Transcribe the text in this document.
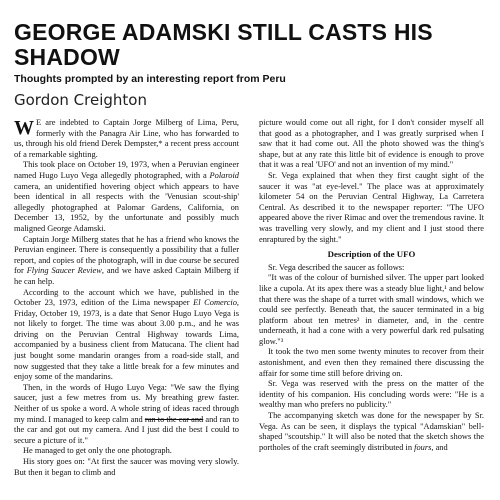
GEORGE ADAMSKI STILL CASTS HIS SHADOW
Thoughts prompted by an interesting report from Peru
Gordon Creighton

W E are indebted to Captain Jorge Milberg of Lima, Peru, formerly with the Panagra Air Line, who has forwarded to us, through his old friend Derek Dempster,* a recent press account of a remarkable sighting.

This took place on October 19, 1973, when a Peruvian engineer named Hugo Luyo Vega allegedly photographed, with a Polaroid camera, an unidentified hovering object which appears to have been identical in all respects with the 'Venusian scout-ship' allegedly photographed at Palomar Gardens, California, on December 13, 1952, by the unfortunate and possibly much maligned George Adamski.

Captain Jorge Milberg states that he has a friend who knows the Peruvian engineer. There is consequently a possibility that a fuller report, and copies of the photograph, will in due course be secured for Flying Saucer Review, and we have asked Captain Milberg if he can help.

According to the account which we have, published in the October 23, 1973, edition of the Lima newspaper El Comercio, Friday, October 19, 1973, is a date that Senor Hugo Luyo Vega is not likely to forget. The time was about 3.00 p.m., and he was driving on the Peruvian Central Highway towards Lima, accompanied by a business client from Matucana. The client had just bought some mandarin oranges from a road-side stall, and now suggested that they take a little break for a few minutes and enjoy some of the mandarins.

Then, in the words of Hugo Luyo Vega: "We saw the flying saucer, just a few metres from us. My breathing grew faster. Neither of us spoke a word. A whole string of ideas raced through my mind. I managed to keep calm and ran to the car and and ran to the car and got out my camera. And I just did the best I could to secure a picture of it."

He managed to get only the one photograph.

His story goes on: "At first the saucer was moving very slowly. But then it began to climb and

picture would come out all right, for I don't consider myself all that good as a photographer, and I was greatly surprised when I saw that it had come out. All the photo showed was the thing's shape, but at any rate this little bit of evidence is enough to prove that it was a real 'UFO' and not an invention of my mind."

Sr. Vega explained that when they first caught sight of the saucer it was "at eye-level." The place was at approximately kilometer 54 on the Peruvian Central Highway, La Carretera Central. As described it to the newspaper reporter: "The UFO appeared above the river Rimac and over the tremendous ravine. It was travelling very slowly, and my client and I just stood there enraptured by the sight."

Description of the UFO

Sr. Vega described the saucer as follows:

"It was of the colour of burnished silver. The upper part looked like a cupola. At its apex there was a steady blue light,¹ and below that there was the shape of a turret with small windows, which we could see perfectly. Beneath that, the saucer terminated in a big platform about ten metres² in diameter, and, in the centre underneath, it had a cone with a very powerful dark red pulsating glow."³

It took the two men some twenty minutes to recover from their astonishment, and even then they remained there discussing the affair for some time still before driving on.

Sr. Vega was reserved with the press on the matter of the identity of his companion. His concluding words were: "He is a wealthy man who prefers no publicity."

The accompanying sketch was done for the newspaper by Sr. Vega. As can be seen, it displays the typical "Adamskian" bell-shaped "scoutship." It will also be noted that the sketch shows the portholes of the craft seemingly distributed in fours, and
